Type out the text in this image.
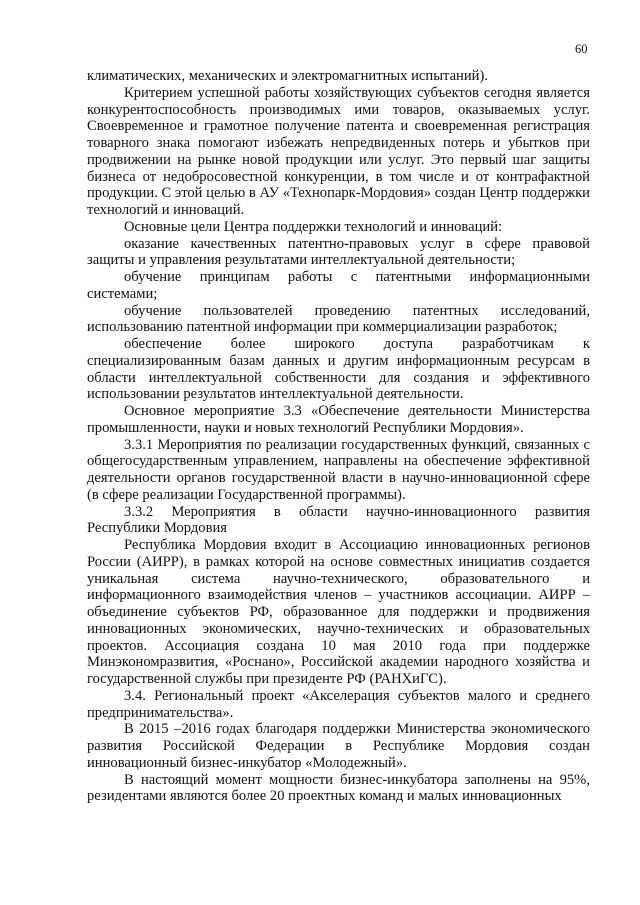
60

климатических, механических и электромагнитных испытаний).

Критерием успешной работы хозяйствующих субъектов сегодня является конкурентоспособность производимых ими товаров, оказываемых услуг. Своевременное и грамотное получение патента и своевременная регистрация товарного знака помогают избежать непредвиденных потерь и убытков при продвижении на рынке новой продукции или услуг. Это первый шаг защиты бизнеса от недобросовестной конкуренции, в том числе и от контрафактной продукции. С этой целью в АУ «Технопарк-Мордовия» создан Центр поддержки технологий и инноваций.

Основные цели Центра поддержки технологий и инноваций:

оказание качественных патентно-правовых услуг в сфере правовой защиты и управления результатами интеллектуальной деятельности;

обучение принципам работы с патентными информационными системами;

обучение пользователей проведению патентных исследований, использованию патентной информации при коммерциализации разработок;

обеспечение более широкого доступа разработчикам к специализированным базам данных и другим информационным ресурсам в области интеллектуальной собственности для создания и эффективного использовании результатов интеллектуальной деятельности.

Основное мероприятие 3.3 «Обеспечение деятельности Министерства промышленности, науки и новых технологий Республики Мордовия».

3.3.1 Мероприятия по реализации государственных функций, связанных с общегосударственным управлением, направлены на обеспечение эффективной деятельности органов государственной власти в научно-инновационной сфере (в сфере реализации Государственной программы).

3.3.2 Мероприятия в области научно-инновационного развития Республики Мордовия

Республика Мордовия входит в Ассоциацию инновационных регионов России (АИРР), в рамках которой на основе совместных инициатив создается уникальная система научно-технического, образовательного и информационного взаимодействия членов – участников ассоциации. АИРР – объединение субъектов РФ, образованное для поддержки и продвижения инновационных экономических, научно-технических и образовательных проектов. Ассоциация создана 10 мая 2010 года при поддержке Минэкономразвития, «Роснано», Российской академии народного хозяйства и государственной службы при президенте РФ (РАНХиГС).

3.4. Региональный проект «Акселерация субъектов малого и среднего предпринимательства».

В 2015 –2016 годах благодаря поддержки Министерства экономического развития Российской Федерации в Республике Мордовия создан инновационный бизнес-инкубатор «Молодежный».

В настоящий момент мощности бизнес-инкубатора заполнены на 95%, резидентами являются более 20 проектных команд и малых инновационных
